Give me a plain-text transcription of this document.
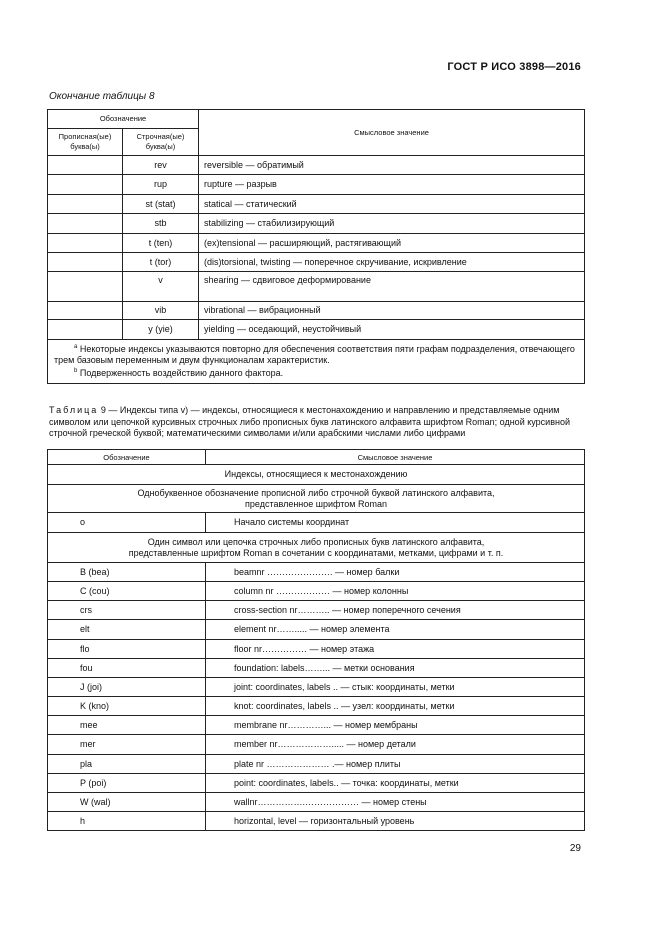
ГОСТ Р ИСО 3898—2016
Окончание таблицы 8
Обозначение		Смысловое значение
Прописная(ые) буква(ы)	Строчная(ые) буква(ы)	
	rev	reversible — обратимый
	rup	rupture — разрыв
	st (stat)	statical — статический
	stb	stabilizing — стабилизирующий
	t (ten)	(ex)tensional — расширяющий, растягивающий
	t (tor)	(dis)torsional, twisting — поперечное скручивание, искривление
	v	shearing — сдвиговое деформирование
	vib	vibrational — вибрационный
	y (yie)	yielding — оседающий, неустойчивый

$^a$ Некоторые индексы указываются повторно для обеспечения соответствия пяти графам подразделения, отвечающего трем базовым переменным и двум функционалам характеристик.
$^b$ Подверженность воздействию данного фактора.		
Таблица 9 — Индексы типа v) — индексы, относящиеся к местонахождению и направлению и представляемые одним символом или цепочкой курсивных строчных либо прописных букв латинского алфавита шрифтом Roman; одной курсивной строчной греческой буквой; математическими символами и/или арабскими числами либо цифрами
Обозначение	Смысловое значение
Индексы, относящиеся к местонахождению	

Однобуквенное обозначение прописной либо строчной буквой латинского алфавита,
представленное шрифтом Roman	

o	Начало системы координат

Один символ или цепочка строчных либо прописных букв латинского алфавита,
представленные шрифтом Roman в сочетании с координатами, метками, цифрами и т. п.	

B (bea)	beamnr …………………. — номер балки
C (cou)	column nr ……………… — номер колонны
crs	cross-section nr……….. — номер поперечного сечения
elt	element nr……..... — номер элемента
flo	floor nr…………… — номер этажа
fou	foundation: labels……... — метки основания
J (joi)	joint: coordinates, labels .. — стык: координаты, метки
K (kno)	knot: coordinates, labels .. — узел: координаты, метки
mee	membrane nr…………... — номер мембраны
mer	member nr………………..... — номер детали
pla	plate nr ………………… .— номер плиты
P (poi)	point: coordinates, labels.. — точка: координаты, метки
W (wal)	wallnr…………….……………… — номер стены
h	horizontal, level — горизонтальный уровень
29
